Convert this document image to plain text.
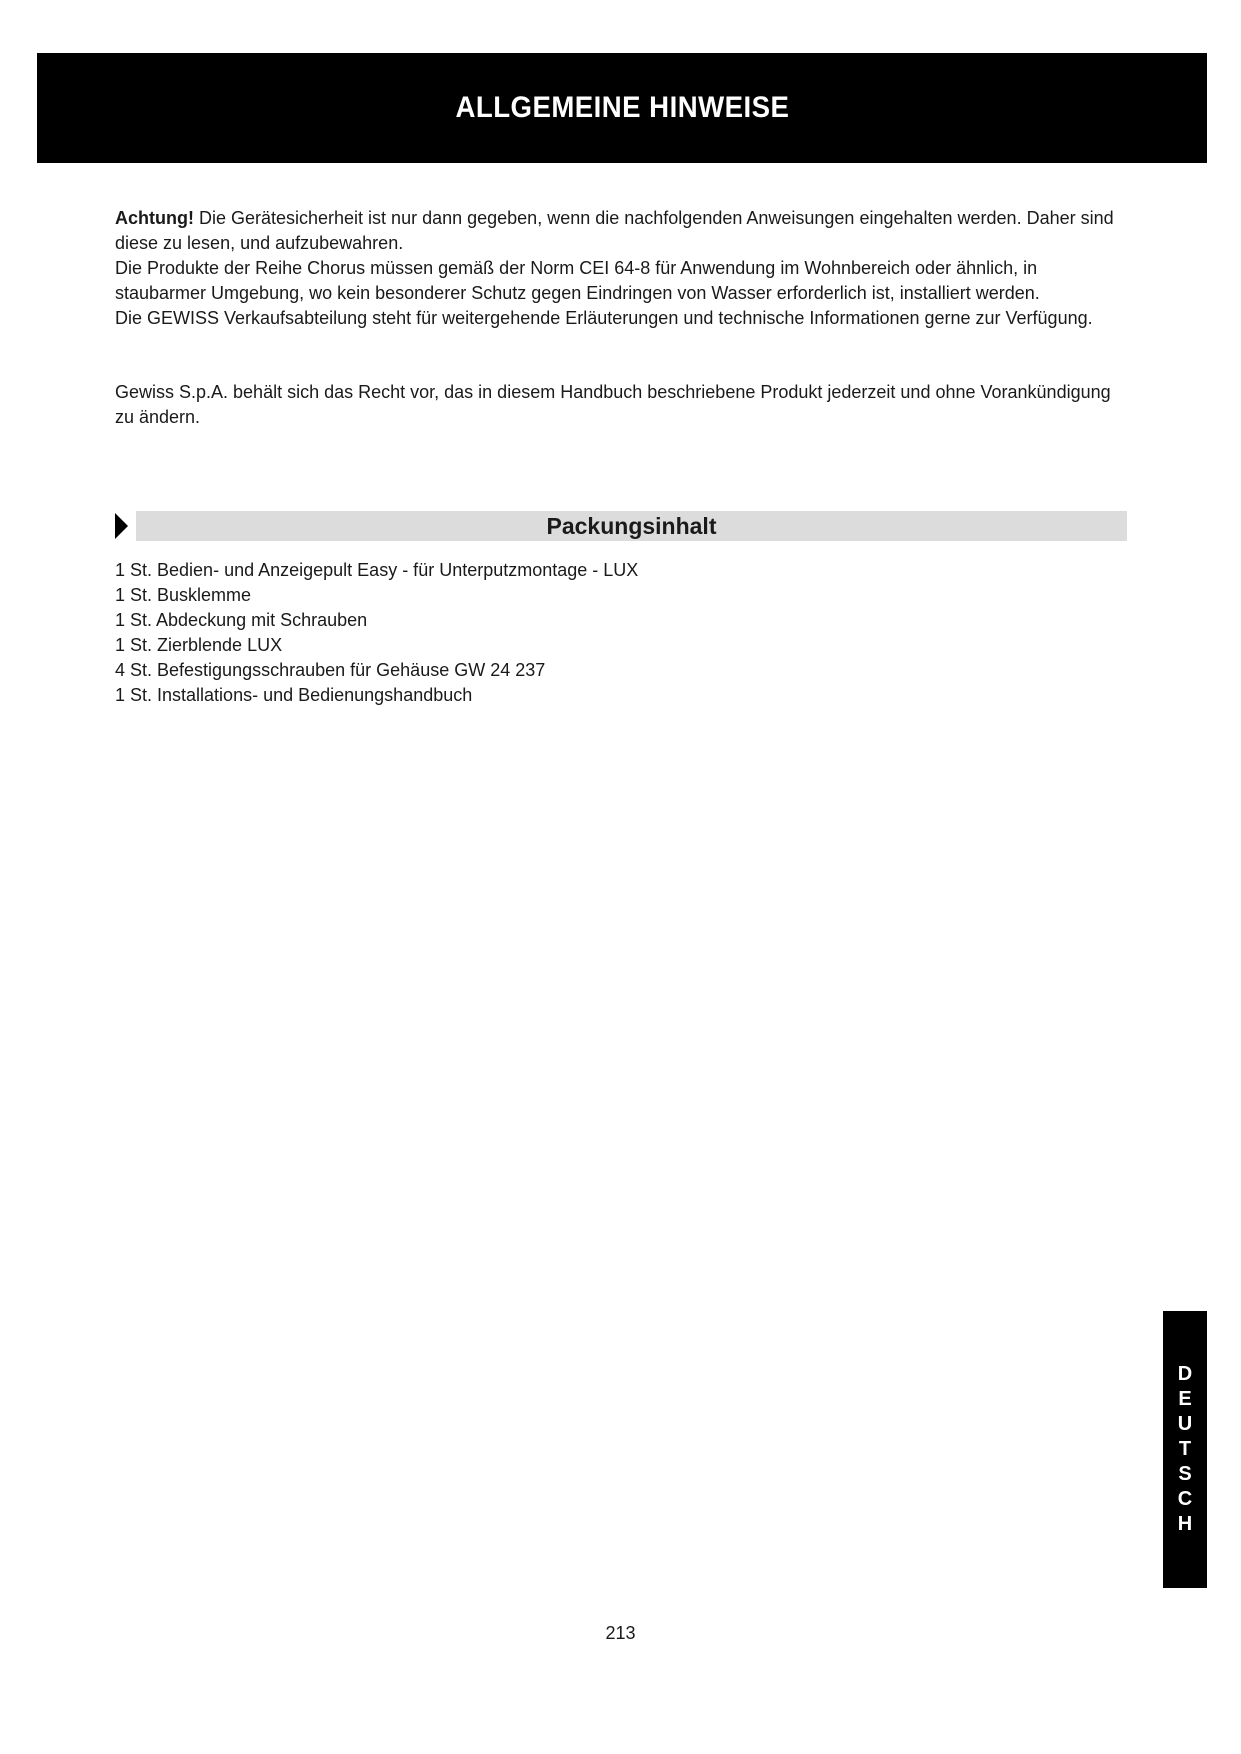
ALLGEMEINE HINWEISE

Achtung! Die Gerätesicherheit ist nur dann gegeben, wenn die nachfolgenden Anweisungen eingehalten werden. Daher sind diese zu lesen, und aufzubewahren.

Die Produkte der Reihe Chorus müssen gemäß der Norm CEI 64-8 für Anwendung im Wohnbereich oder ähnlich, in staubarmer Umgebung, wo kein besonderer Schutz gegen Eindringen von Wasser erforderlich ist, installiert werden.

Die GEWISS Verkaufsabteilung steht für weitergehende Erläuterungen und technische Informationen gerne zur Verfügung.

Gewiss S.p.A. behält sich das Recht vor, das in diesem Handbuch beschriebene Produkt jederzeit und ohne Vorankündigung zu ändern.

Packungsinhalt
1 St. Bedien- und Anzeigepult Easy - für Unterputzmontage - LUX
1 St. Busklemme
1 St. Abdeckung mit Schrauben
1 St. Zierblende LUX
4 St. Befestigungsschrauben für Gehäuse GW 24 237
1 St. Installations- und Bedienungshandbuch
D
E
U
T
S
C
H
213
